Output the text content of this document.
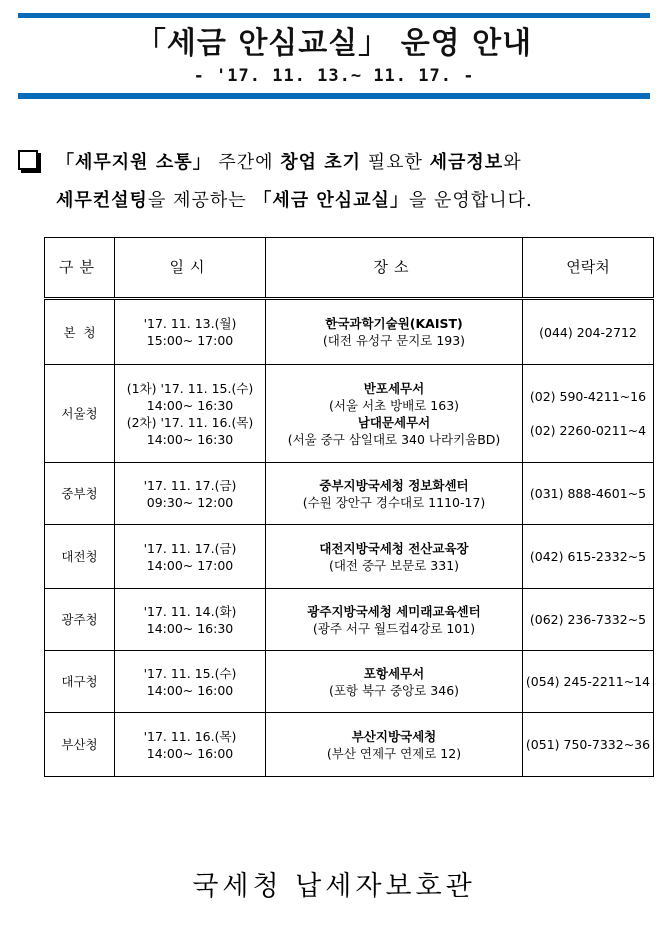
「세금 안심교실」 운영 안내
- '17. 11. 13.~ 11. 17. -
「세무지원 소통」 주간에 창업 초기 필요한 세금정보와
세무컨설팅을 제공하는 「세금 안심교실」을 운영합니다.
구분	일시	장소	연락처
본  청	'17. 11. 13.(월)
15:00~ 17:00	한국과학기술원(KAIST)
(대전 유성구 문지로 193)	(044) 204-2712

서울청	(1차) '17. 11. 15.(수)
14:00~ 16:30
(2차) '17. 11. 16.(목)
14:00~ 16:30	반포세무서
(서울 서초 방배로 163)
남대문세무서
(서울 중구 삼일대로 340 나라키움BD)	(02) 590-4211~16
(02) 2260-0211~4

중부청	'17. 11. 17.(금)
09:30~ 12:00	중부지방국세청 정보화센터
(수원 장안구 경수대로 1110-17)	(031) 888-4601~5

대전청	'17. 11. 17.(금)
14:00~ 17:00	대전지방국세청 전산교육장
(대전 중구 보문로 331)	(042) 615-2332~5

광주청	'17. 11. 14.(화)
14:00~ 16:30	광주지방국세청 세미래교육센터
(광주 서구 월드컵4강로 101)	(062) 236-7332~5

대구청	'17. 11. 15.(수)
14:00~ 16:00	포항세무서
(포항 북구 중앙로 346)	(054) 245-2211~14

부산청	'17. 11. 16.(목)
14:00~ 16:00	부산지방국세청
(부산 연제구 연제로 12)	(051) 750-7332~36
국세청 납세자보호관
